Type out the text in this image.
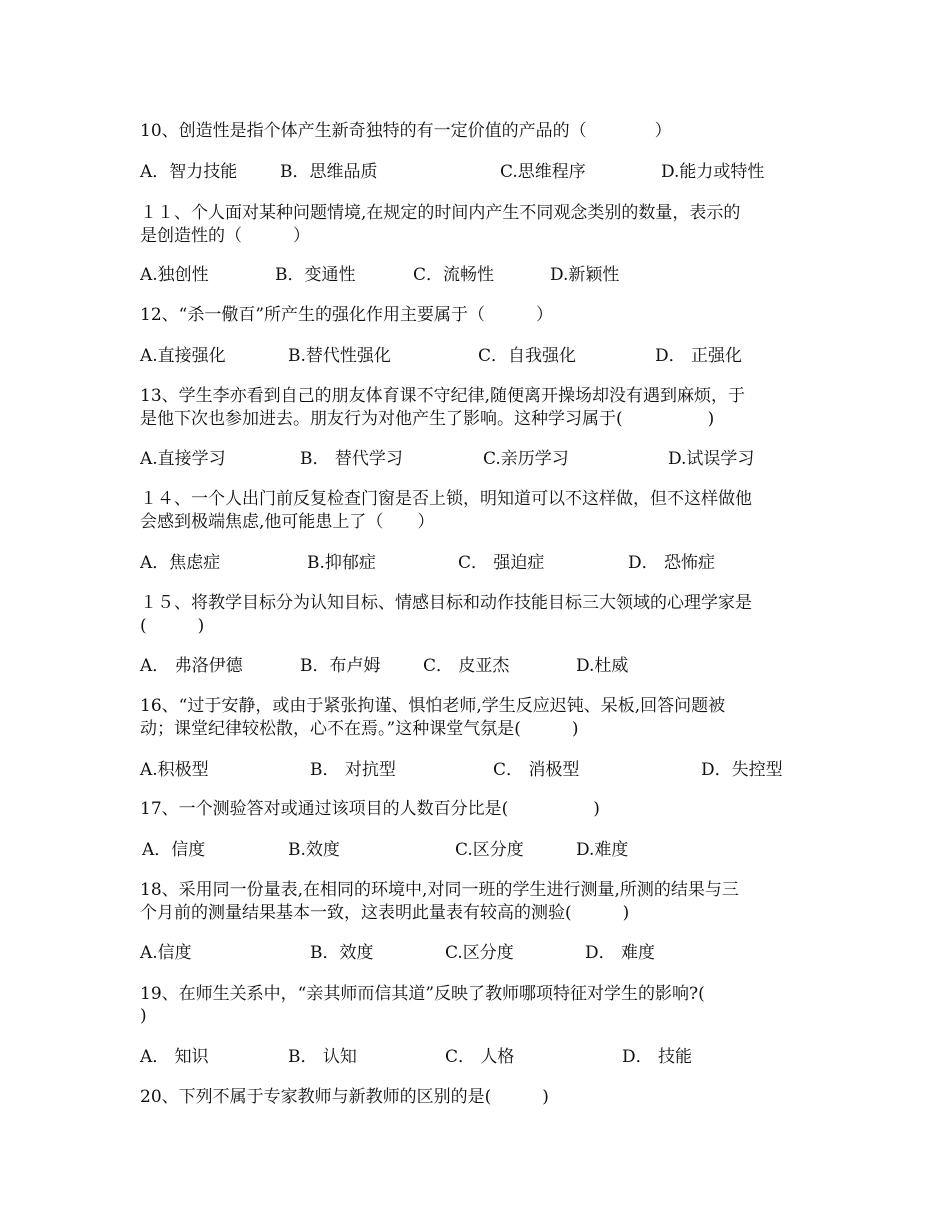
10、创造性是指个体产生新奇独特的有一定价值的产品的（　　　　）
A．智力技能	B．思维品质	C.思维程序	D.能力或特性
１１、个人面对某种问题情境,在规定的时间内产生不同观念类别的数量，表示的
是创造性的（　　　）
A.独创性	B．变通性	C．流畅性	D.新颖性
12、“杀一儆百”所产生的强化作用主要属于（　　　）
A.直接强化	B.替代性强化	C．自我强化	D． 正强化
13、学生李亦看到自己的朋友体育课不守纪律,随便离开操场却没有遇到麻烦，于
是他下次也参加进去。朋友行为对他产生了影响。这种学习属于(　　　　　)
A.直接学习	B． 替代学习	C.亲历学习	D.试误学习
１４、一个人出门前反复检查门窗是否上锁，明知道可以不这样做，但不这样做他
会感到极端焦虑,他可能患上了（　　）
A．焦虑症	B.抑郁症	C． 强迫症	D． 恐怖症
１５、将教学目标分为认知目标、情感目标和动作技能目标三大领域的心理学家是
(　　　)
A． 弗洛伊德	B．布卢姆	C． 皮亚杰	D.杜威
16、“过于安静，或由于紧张拘谨、惧怕老师,学生反应迟钝、呆板,回答问题被
动；课堂纪律较松散，心不在焉。”这种课堂气氛是(　　　)
A.积极型	B． 对抗型	C． 消极型	D．失控型
17、一个测验答对或通过该项目的人数百分比是(　　　　　)
A．信度	B.效度	C.区分度	D.难度
18、采用同一份量表,在相同的环境中,对同一班的学生进行测量,所测的结果与三
个月前的测量结果基本一致，这表明此量表有较高的测验(　　　)
A.信度	B．效度	C.区分度	D． 难度
19、在师生关系中，“亲其师而信其道”反映了教师哪项特征对学生的影响?(
)
A． 知识	B． 认知	C． 人格	D． 技能
20、下列不属于专家教师与新教师的区别的是(　　　)
